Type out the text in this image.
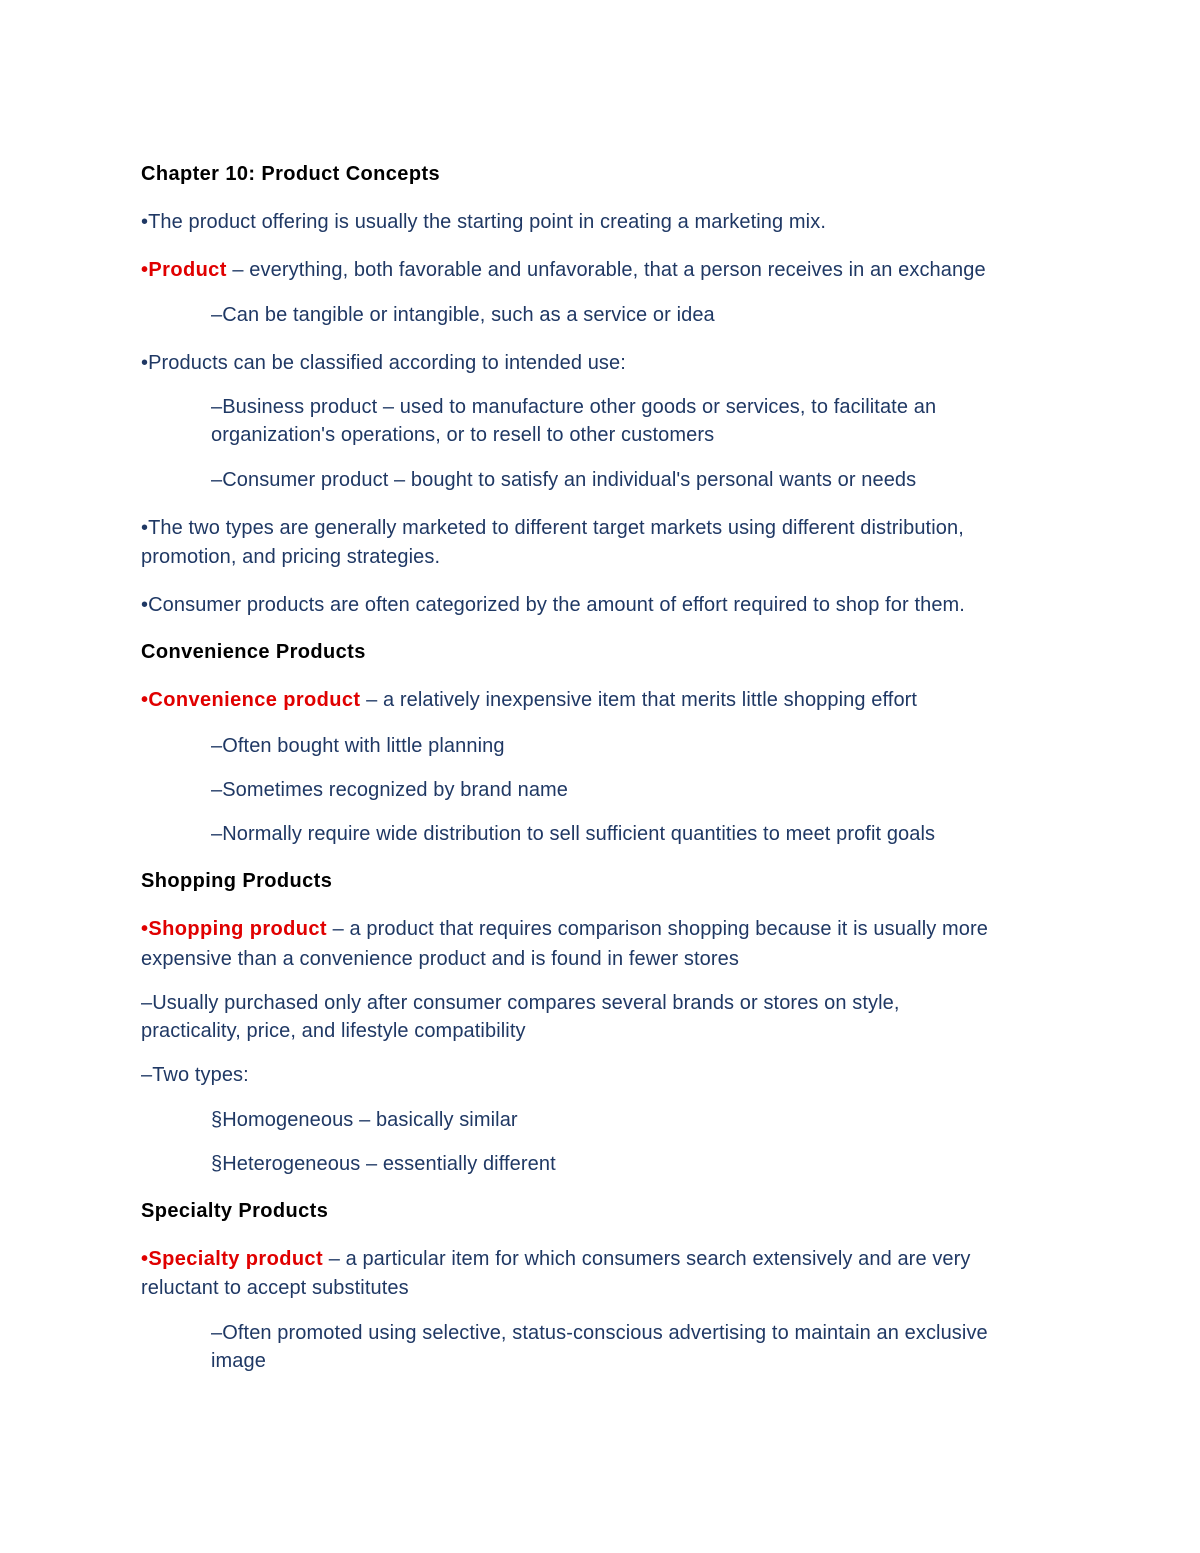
Chapter 10: Product Concepts
•The product offering is usually the starting point in creating a marketing mix.
•Product – everything, both favorable and unfavorable, that a person receives in an exchange
–Can be tangible or intangible, such as a service or idea
•Products can be classified according to intended use:
–Business product – used to manufacture other goods or services, to facilitate an
organization's operations, or to resell to other customers
–Consumer product – bought to satisfy an individual's personal wants or needs
•The two types are generally marketed to different target markets using different distribution,
promotion, and pricing strategies.
•Consumer products are often categorized by the amount of effort required to shop for them.
Convenience Products
•Convenience product – a relatively inexpensive item that merits little shopping effort
–Often bought with little planning
–Sometimes recognized by brand name
–Normally require wide distribution to sell sufficient quantities to meet profit goals
Shopping Products
•Shopping product – a product that requires comparison shopping because it is usually more
expensive than a convenience product and is found in fewer stores
–Usually purchased only after consumer compares several brands or stores on style,
practicality, price, and lifestyle compatibility
–Two types:
§Homogeneous – basically similar
§Heterogeneous – essentially different
Specialty Products
•Specialty product – a particular item for which consumers search extensively and are very
reluctant to accept substitutes
–Often promoted using selective, status-conscious advertising to maintain an exclusive
image
